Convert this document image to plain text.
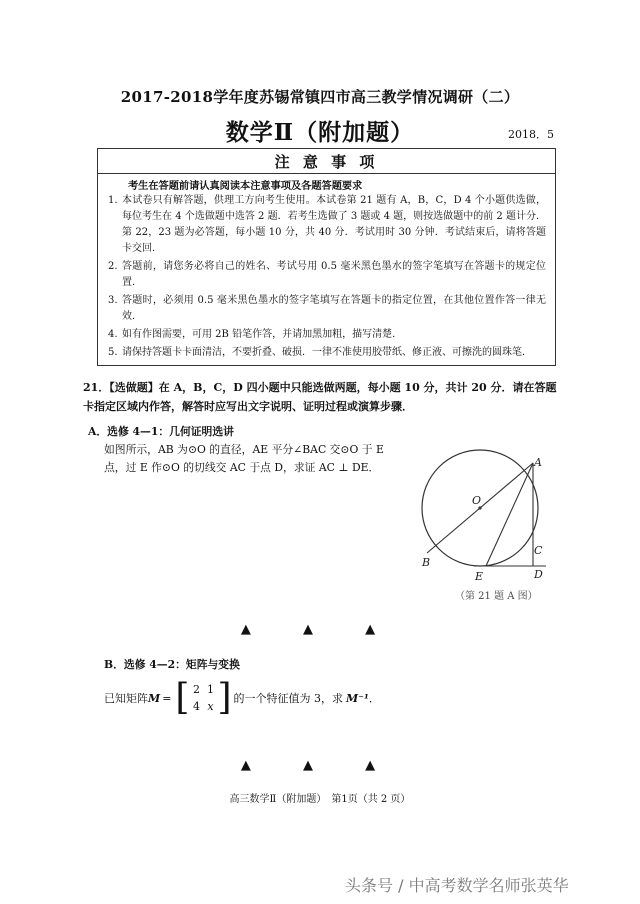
2017-2018学年度苏锡常镇四市高三教学情况调研（二）
数学Ⅱ（附加题）	2018．5
注 意 事 项
考生在答题前请认真阅读本注意事项及各题答题要求
1. 本试卷只有解答题，供理工方向考生使用。本试卷第 21 题有 A，B，C，D 4 个小题供选做，每位考生在 4 个选做题中选答 2 题．若考生选做了 3 题或 4 题，则按选做题中的前 2 题计分．第 22，23 题为必答题，每小题 10 分，共 40 分．考试用时 30 分钟．考试结束后，请将答题卡交回．
2. 答题前，请您务必将自己的姓名、考试号用 0.5 毫米黑色墨水的签字笔填写在答题卡的规定位置．
3. 答题时，必须用 0.5 毫米黑色墨水的签字笔填写在答题卡的指定位置，在其他位置作答一律无效．
4. 如有作图需要，可用 2B 铅笔作答，并请加黑加粗，描写清楚．
5. 请保持答题卡卡面清洁，不要折叠、破损．一律不准使用胶带纸、修正液、可擦洗的圆珠笔．
21．【选做题】在 A，B，C，D 四小题中只能选做两题，每小题 10 分，共计 20 分．请在答题卡指定区域内作答，解答时应写出文字说明、证明过程或演算步骤．
A．选修 4—1：几何证明选讲
如图所示，AB 为⊙O 的直径，AE 平分∠BAC 交⊙O 于 E
点，过 E 作⊙O 的切线交 AC 于点 D，求证 AC ⊥ DE．	A
O
B
C
E	D
（第 21 题 A 图）
▲ ▲ ▲
B．选修 4—2：矩阵与变换
已知矩阵 M = [ 2 1
4 x ] 的一个特征值为 3，求 M⁻¹ ．
▲ ▲ ▲
高三数学Ⅱ（附加题）　第1页（共 2 页）
头条号 / 中高考数学名师张英华
